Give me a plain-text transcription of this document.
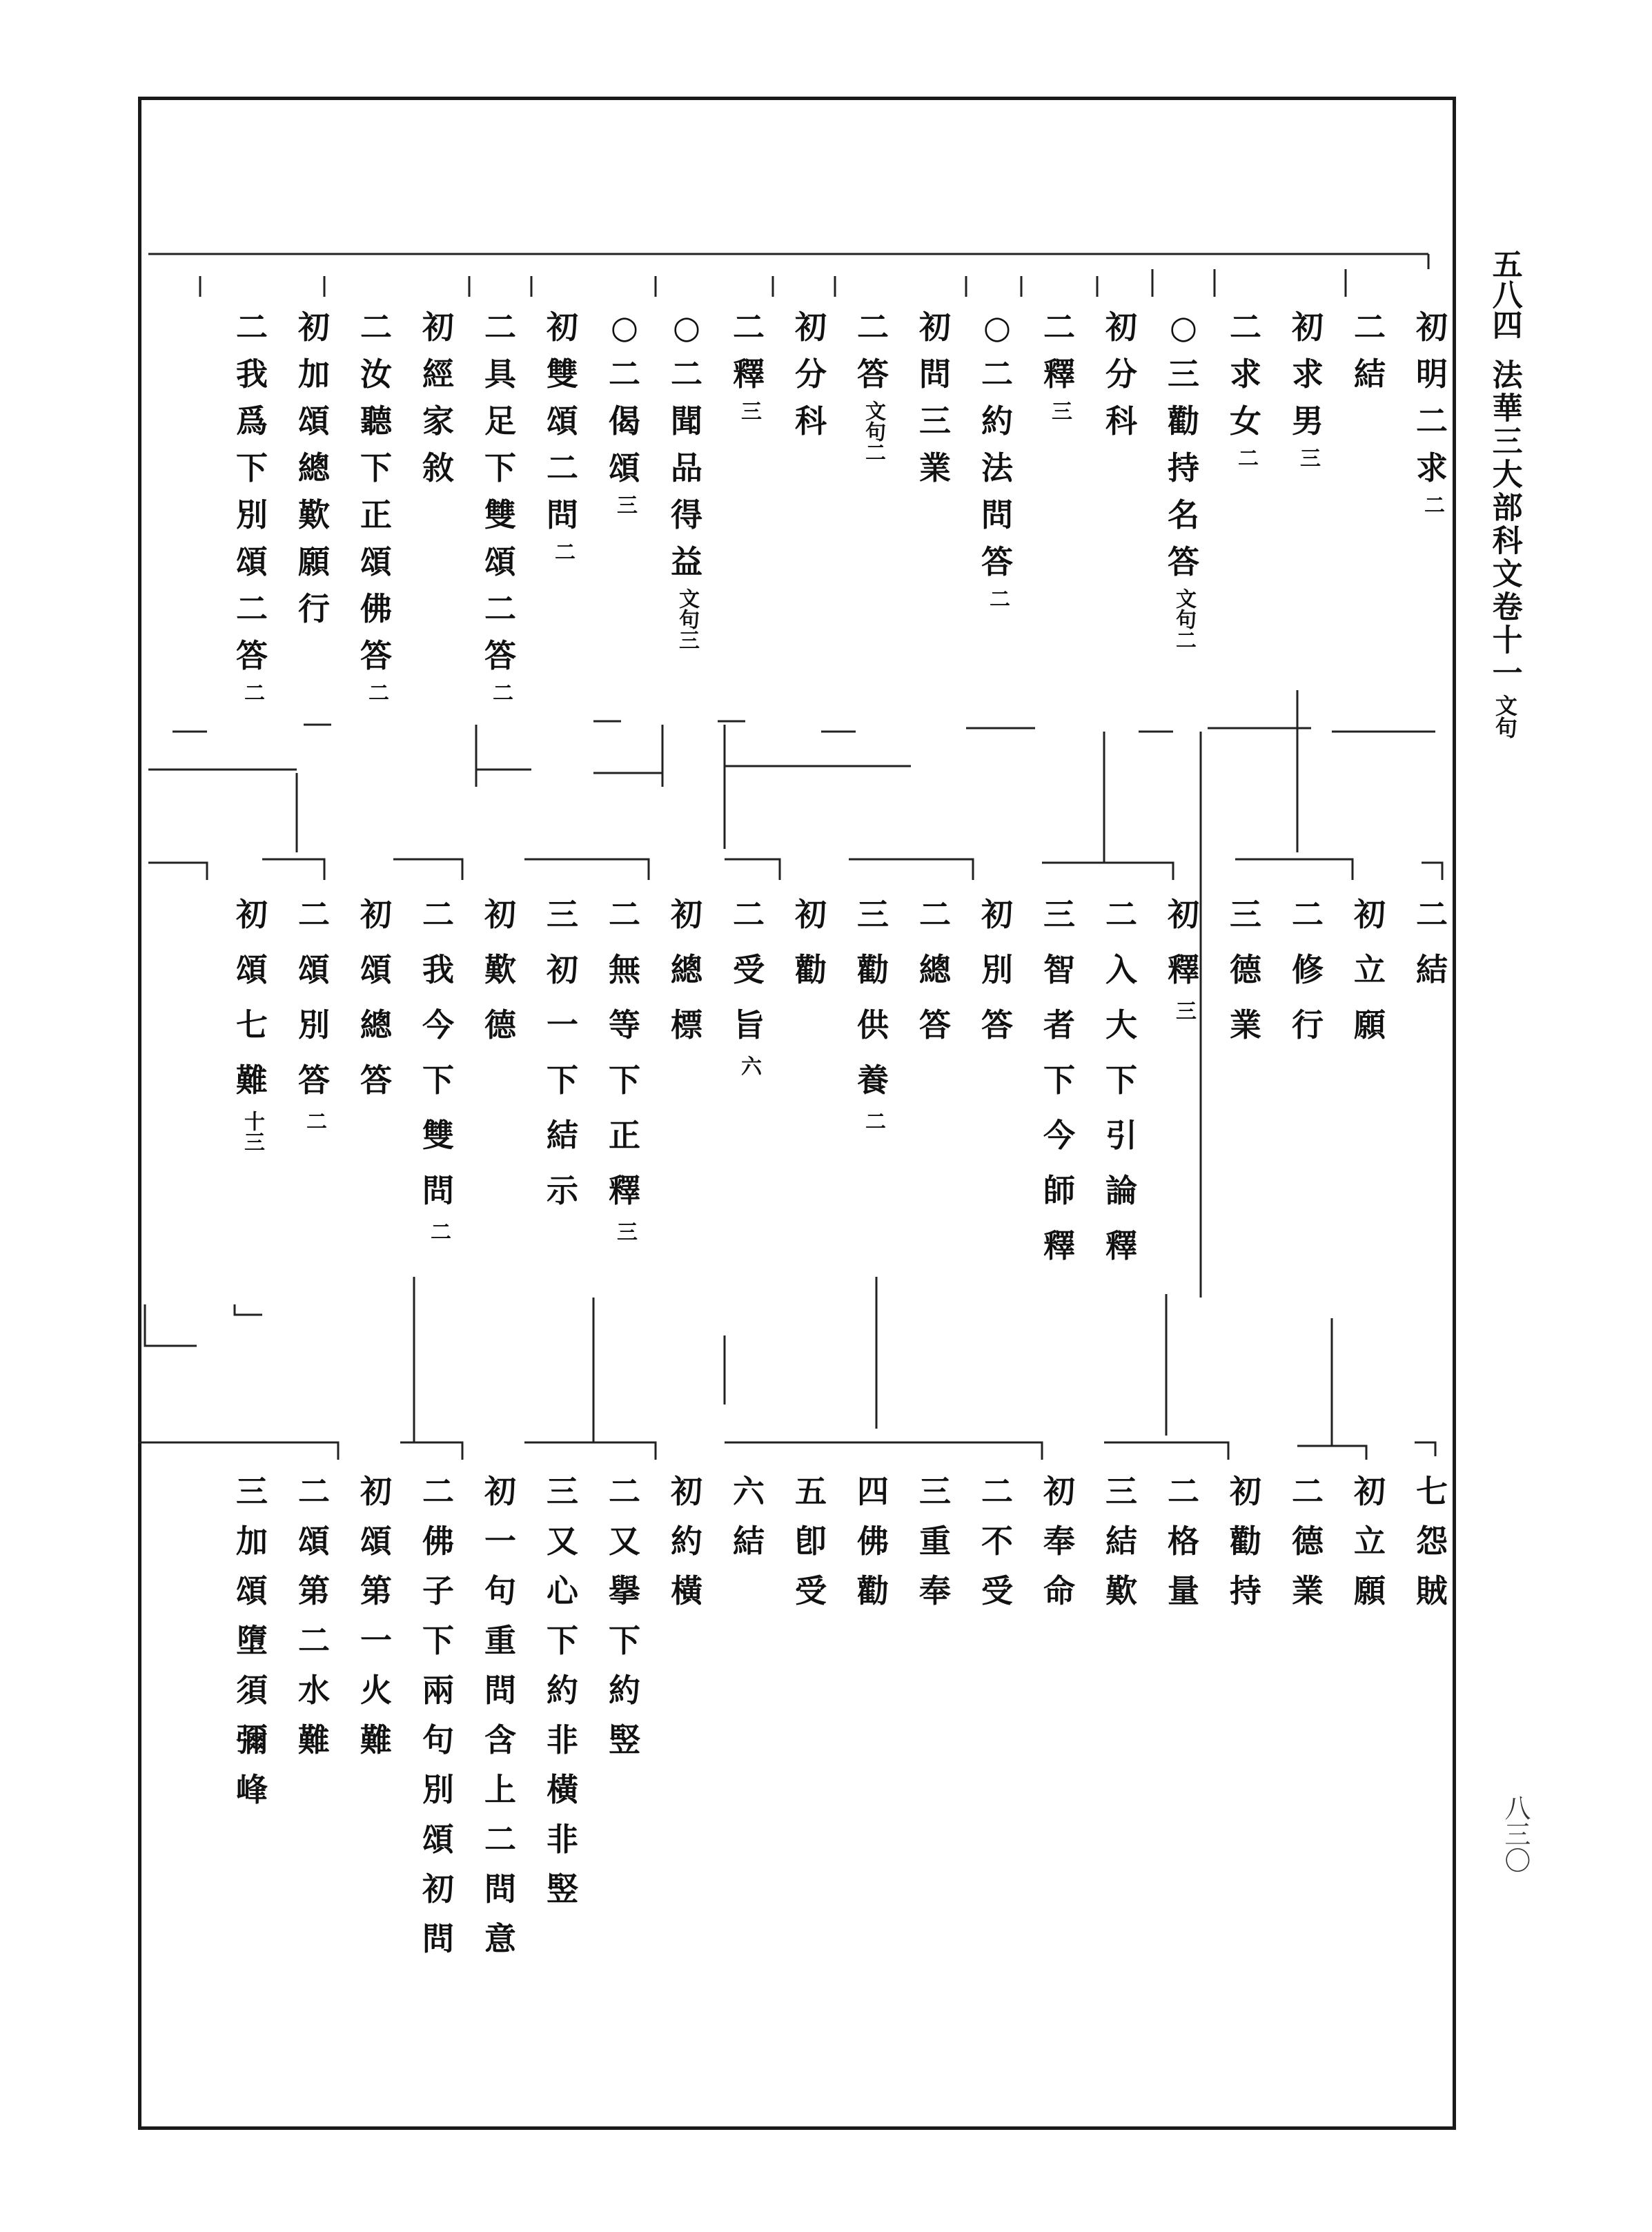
五八四
法華三大部科文卷十一
文句
初
明
二
求
二
二
結
初
求
男
三
二
求
女
二
○
三
勸
持
名
答
文句二
初
分
科
二
釋
三
○
二
約
法
問
答
二
初
問
三
業
二
答
文句二
初
分
科
二
釋
三
○
二
聞
品
得
益
文句三
○
二
偈
頌
三
初
雙
頌
二
問
二
二
具
足
下
雙
頌
二
答
二
初
經
家
敘
二
汝
聽
下
正
頌
佛
答
二
初
加
頌
總
歎
願
行
二
我
爲
下
別
頌
二
答
二
二
結
初
立
願
二
修
行
三
德
業
初
釋
三
二
入
大
下
引
論
釋
三
智
者
下
今
師
釋
初
別
答
二
總
答
三
勸
供
養
二
初
勸
二
受
旨
六
初
總
標
二
無
等
下
正
釋
三
三
初
一
下
結
示
初
歎
德
二
我
今
下
雙
問
二
初
頌
總
答
二
頌
別
答
二
初
頌
七
難
十三
七
怨
賊
初
立
願
二
德
業
初
勸
持
二
格
量
三
結
歎
初
奉
命
二
不
受
三
重
奉
四
佛
勸
五
卽
受
六
結
初
約
橫
二
又
擧
下
約
竪
三
又
心
下
約
非
橫
非
竪
初
一
句
重
問
含
上
二
問
意
二
佛
子
下
兩
句
別
頌
初
問
初
頌
第
一
火
難
二
頌
第
二
水
難
三
加
頌
墮
須
彌
峰
八三〇
